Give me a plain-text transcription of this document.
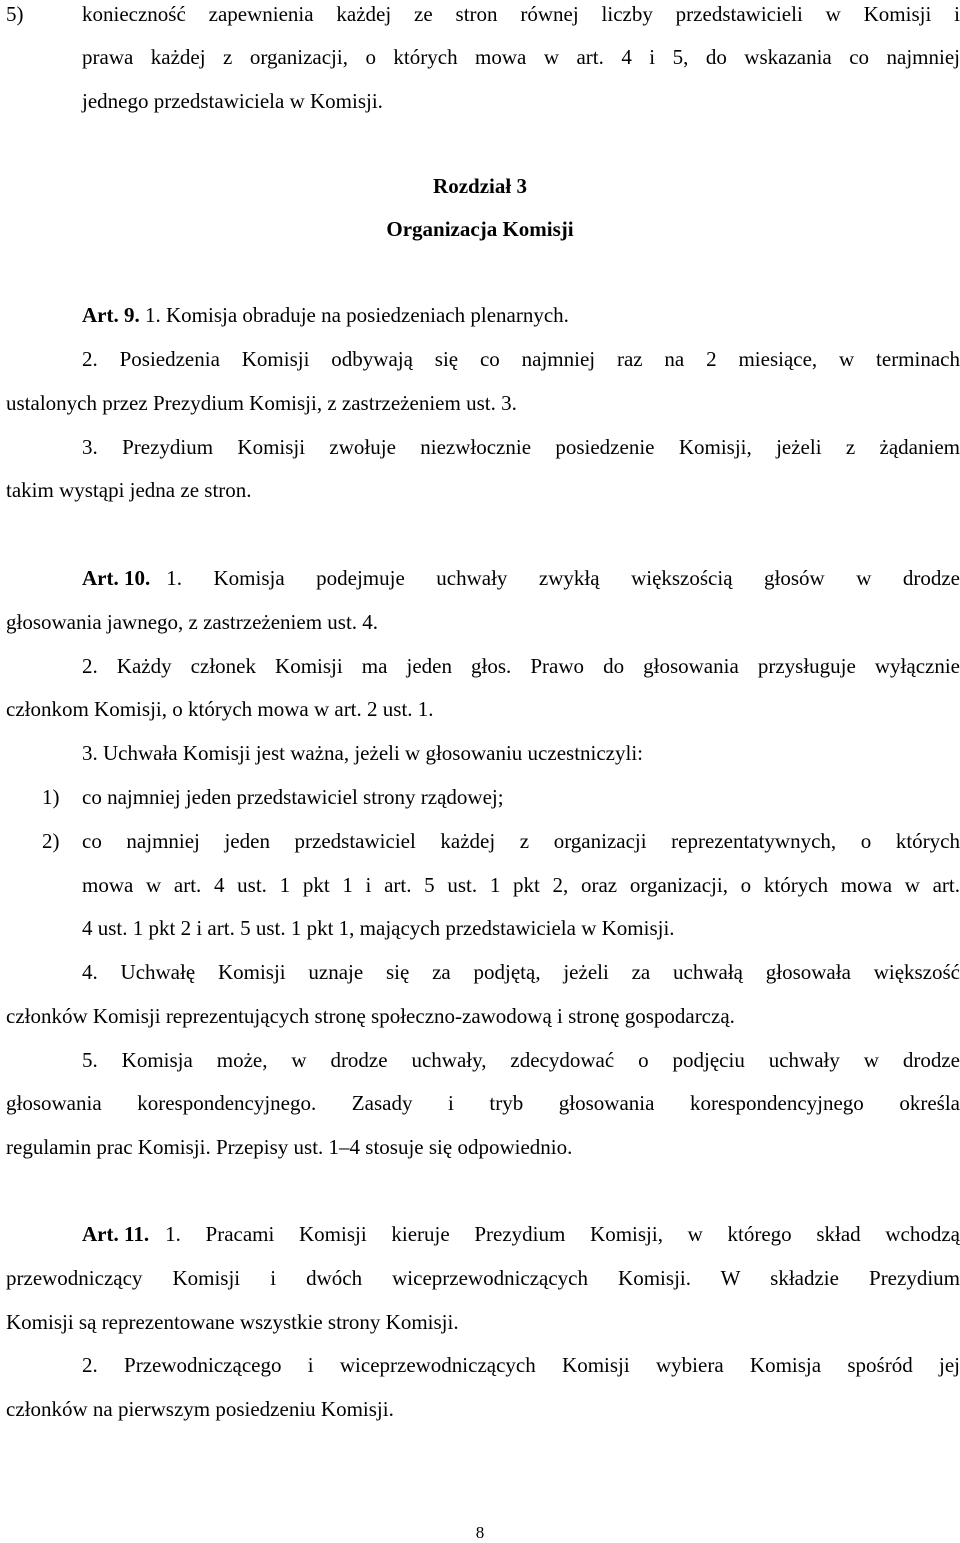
5)	konieczność zapewnienia każdej ze stron równej liczby przedstawicieli w Komisji i
prawa każdej z organizacji, o których mowa w art. 4 i 5, do wskazania co najmniej
jednego przedstawiciela w Komisji.
Rozdział 3
Organizacja Komisji
Art. 9. 1. Komisja obraduje na posiedzeniach plenarnych.
2. Posiedzenia Komisji odbywają się co najmniej raz na 2 miesiące, w terminach
ustalonych przez Prezydium Komisji, z zastrzeżeniem ust. 3.
3. Prezydium Komisji zwołuje niezwłocznie posiedzenie Komisji, jeżeli z żądaniem
takim wystąpi jedna ze stron.
Art. 10. 1. Komisja podejmuje uchwały zwykłą większością głosów w drodze
głosowania jawnego, z zastrzeżeniem ust. 4.
2. Każdy członek Komisji ma jeden głos. Prawo do głosowania przysługuje wyłącznie
członkom Komisji, o których mowa w art. 2 ust. 1.
3. Uchwała Komisji jest ważna, jeżeli w głosowaniu uczestniczyli:
1) co najmniej jeden przedstawiciel strony rządowej;
2) co najmniej jeden przedstawiciel każdej z organizacji reprezentatywnych, o których
mowa w art. 4 ust. 1 pkt 1 i art. 5 ust. 1 pkt 2, oraz organizacji, o których mowa w art.
4 ust. 1 pkt 2 i art. 5 ust. 1 pkt 1, mających przedstawiciela w Komisji.
4. Uchwałę Komisji uznaje się za podjętą, jeżeli za uchwałą głosowała większość
członków Komisji reprezentujących stronę społeczno-zawodową i stronę gospodarczą.
5. Komisja może, w drodze uchwały, zdecydować o podjęciu uchwały w drodze
głosowania korespondencyjnego. Zasady i tryb głosowania korespondencyjnego określa
regulamin prac Komisji. Przepisy ust. 1–4 stosuje się odpowiednio.
Art. 11. 1. Pracami Komisji kieruje Prezydium Komisji, w którego skład wchodzą
przewodniczący Komisji i dwóch wiceprzewodniczących Komisji. W składzie Prezydium
Komisji są reprezentowane wszystkie strony Komisji.
2. Przewodniczącego i wiceprzewodniczących Komisji wybiera Komisja spośród jej
członków na pierwszym posiedzeniu Komisji.
8
